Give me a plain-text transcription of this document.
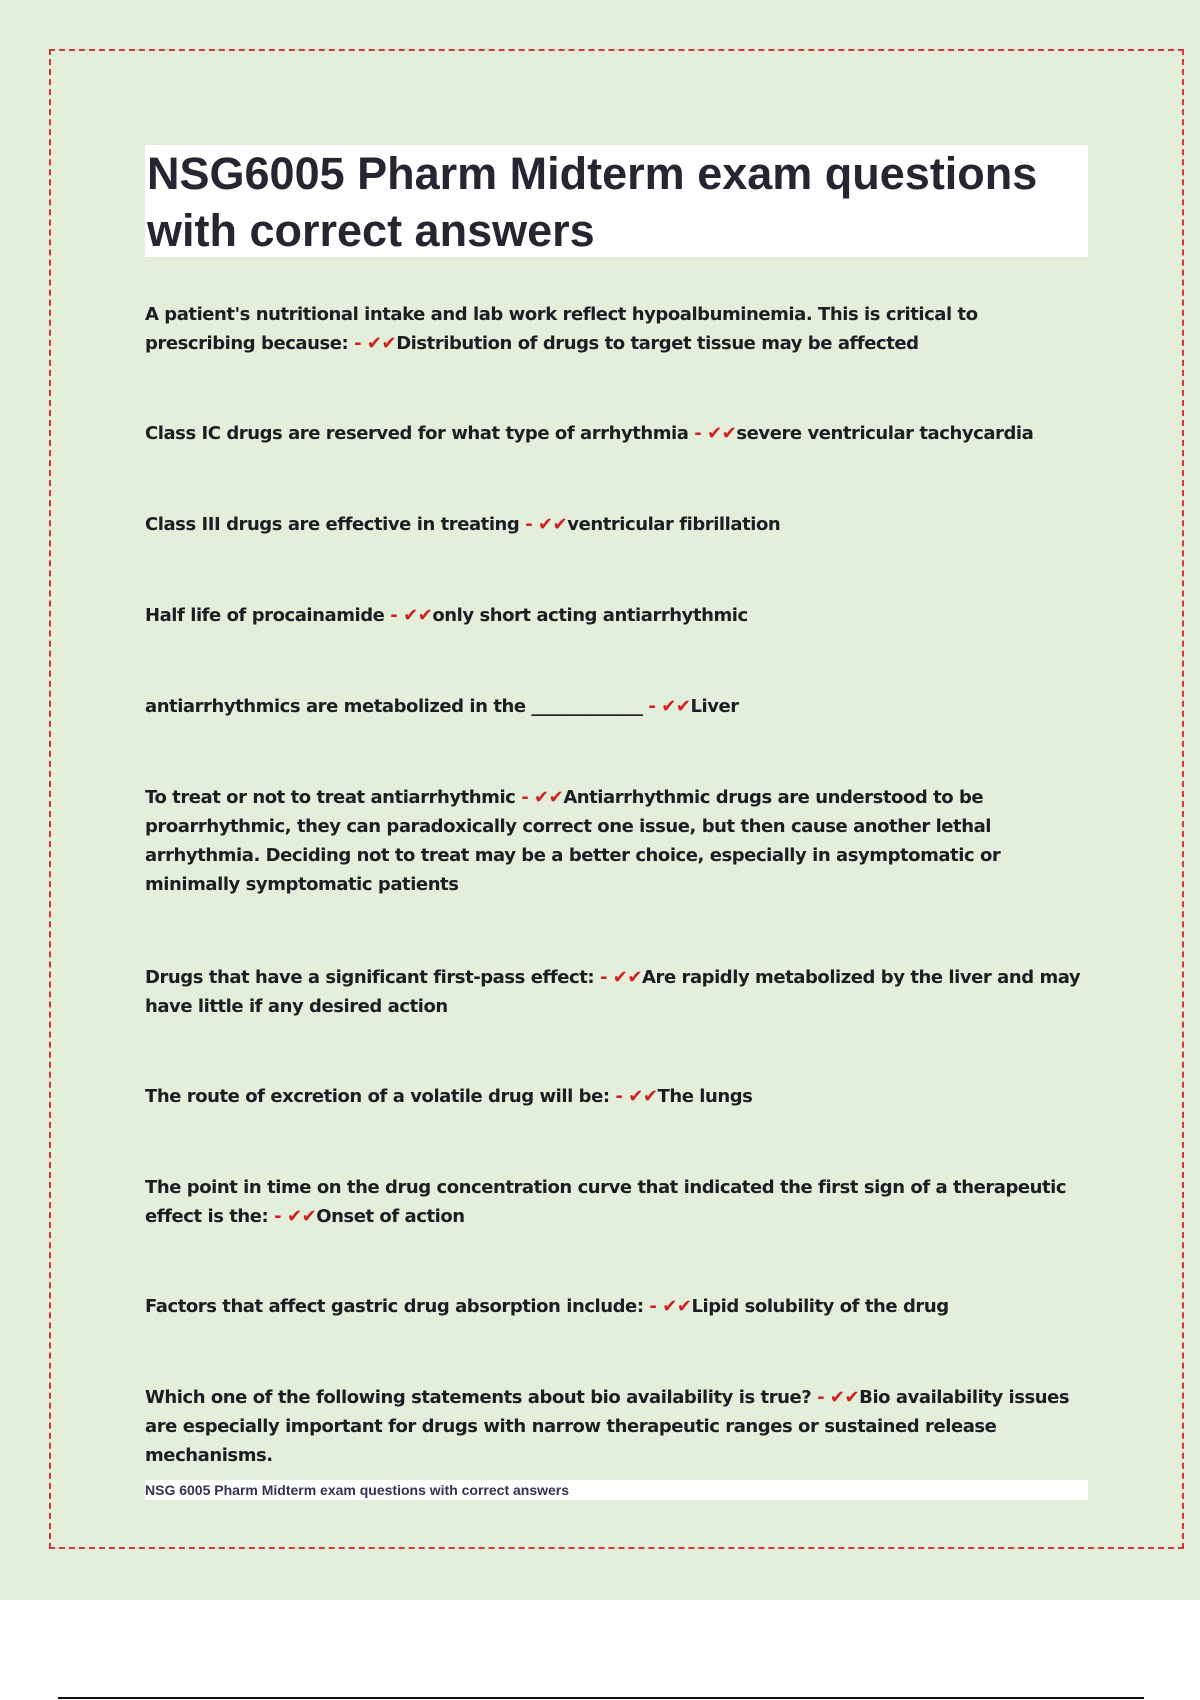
NSG6005 Pharm Midterm exam questions with correct answers
A patient's nutritional intake and lab work reflect hypoalbuminemia. This is critical to prescribing because: - ✔✔Distribution of drugs to target tissue may be affected
Class IC drugs are reserved for what type of arrhythmia - ✔✔severe ventricular tachycardia
Class III drugs are effective in treating - ✔✔ventricular fibrillation
Half life of procainamide - ✔✔only short acting antiarrhythmic
antiarrhythmics are metabolized in the _____________ - ✔✔Liver
To treat or not to treat antiarrhythmic - ✔✔Antiarrhythmic drugs are understood to be proarrhythmic, they can paradoxically correct one issue, but then cause another lethal arrhythmia. Deciding not to treat may be a better choice, especially in asymptomatic or minimally symptomatic patients
Drugs that have a significant first-pass effect: - ✔✔Are rapidly metabolized by the liver and may have little if any desired action
The route of excretion of a volatile drug will be: - ✔✔The lungs
The point in time on the drug concentration curve that indicated the first sign of a therapeutic effect is the: - ✔✔Onset of action
Factors that affect gastric drug absorption include: - ✔✔Lipid solubility of the drug
Which one of the following statements about bio availability is true? - ✔✔Bio availability issues are especially important for drugs with narrow therapeutic ranges or sustained release mechanisms.

NSG 6005 Pharm Midterm exam questions with correct answers
